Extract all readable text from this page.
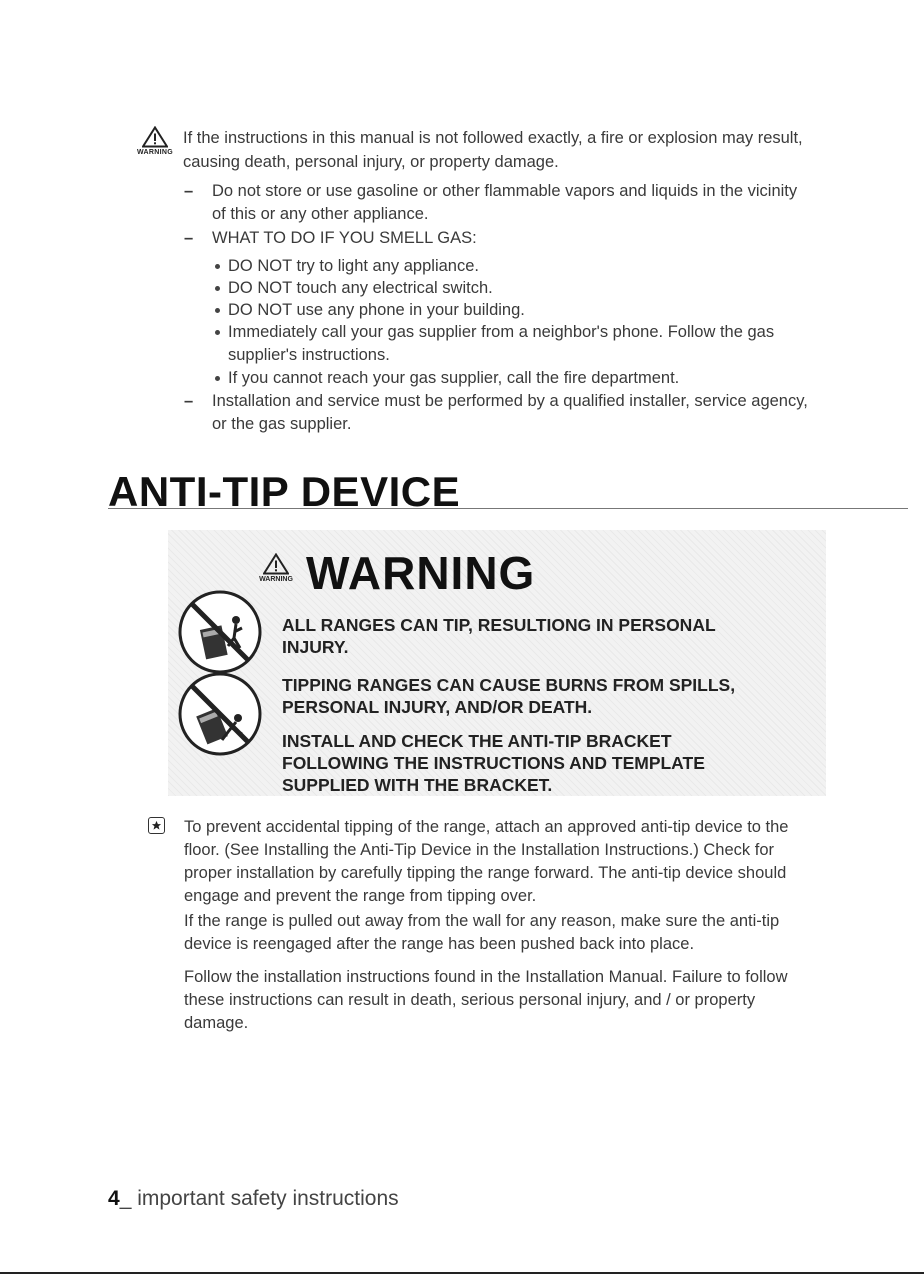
WARNING
If the instructions in this manual is not followed exactly, a fire or explosion may result, causing death, personal injury, or property damage.
– Do not store or use gasoline or other flammable vapors and liquids in the vicinity of this or any other appliance.
– WHAT TO DO IF YOU SMELL GAS:
DO NOT try to light any appliance.
DO NOT touch any electrical switch.
DO NOT use any phone in your building.
Immediately call your gas supplier from a neighbor's phone. Follow the gas supplier's instructions.
If you cannot reach your gas supplier, call the fire department.
– Installation and service must be performed by a qualified installer, service agency, or the gas supplier.
ANTI-TIP DEVICE
WARNING WARNING
ALL RANGES CAN TIP, RESULTIONG IN PERSONAL INJURY.
TIPPING RANGES CAN CAUSE BURNS FROM SPILLS, PERSONAL INJURY, AND/OR DEATH.
INSTALL AND CHECK THE ANTI-TIP BRACKET FOLLOWING THE INSTRUCTIONS AND TEMPLATE SUPPLIED WITH THE BRACKET.
To prevent accidental tipping of the range, attach an approved anti-tip device to the floor. (See Installing the Anti-Tip Device in the Installation Instructions.) Check for proper installation by carefully tipping the range forward. The anti-tip device should engage and prevent the range from tipping over.
If the range is pulled out away from the wall for any reason, make sure the anti-tip device is reengaged after the range has been pushed back into place.
Follow the installation instructions found in the Installation Manual. Failure to follow these instructions can result in death, serious personal injury, and / or property damage.
4_ important safety instructions
